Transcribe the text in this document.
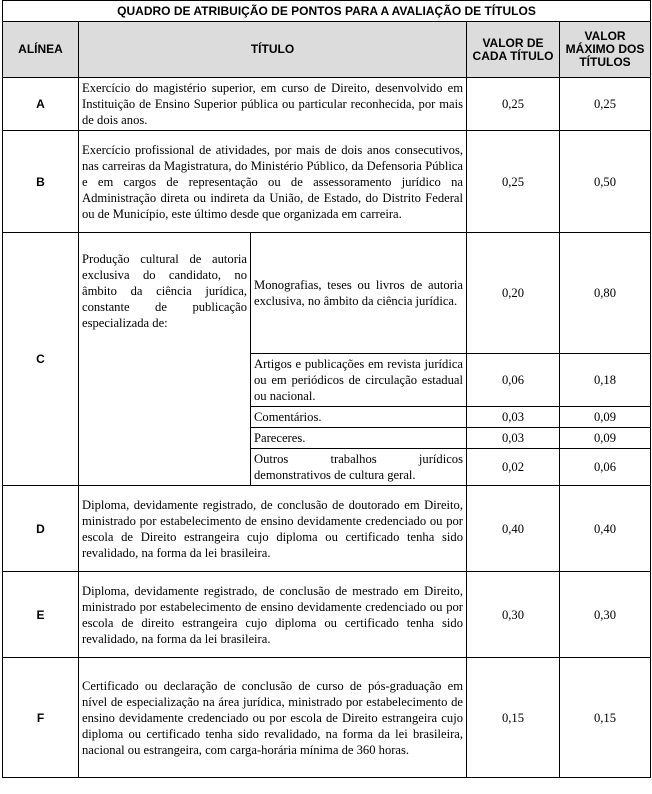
QUADRO DE ATRIBUIÇÃO DE PONTOS PARA A AVALIAÇÃO DE TÍTULOS				
ALÍNEA	TÍTULO		VALOR DE CADA TÍTULO	VALOR MÁXIMO DOS TÍTULOS
A	Exercício do magistério superior, em curso de Direito, desenvolvido em Instituição de Ensino Superior pública ou particular reconhecida, por mais de dois anos.		0,25	0,25
B	Exercício profissional de atividades, por mais de dois anos consecutivos, nas carreiras da Magistratura, do Ministério Público, da Defensoria Pública e em cargos de representação ou de assessoramento jurídico na Administração direta ou indireta da União, de Estado, do Distrito Federal ou de Município, este último desde que organizada em carreira.		0,25	0,50
C	Produção cultural de autoria exclusiva do candidato, no âmbito da ciência jurídica, constante de publicação especializada de:	Monografias, teses ou livros de autoria exclusiva, no âmbito da ciência jurídica.	0,20	0,80
		Artigos e publicações em revista jurídica ou em periódicos de circulação estadual ou nacional.	0,06	0,18
		Comentários.	0,03	0,09
		Pareceres.	0,03	0,09
		Outros trabalhos jurídicos demonstrativos de cultura geral.	0,02	0,06
D	Diploma, devidamente registrado, de conclusão de doutorado em Direito, ministrado por estabelecimento de ensino devidamente credenciado ou por escola de Direito estrangeira cujo diploma ou certificado tenha sido revalidado, na forma da lei brasileira.		0,40	0,40
E	Diploma, devidamente registrado, de conclusão de mestrado em Direito, ministrado por estabelecimento de ensino devidamente credenciado ou por escola de direito estrangeira cujo diploma ou certificado tenha sido revalidado, na forma da lei brasileira.		0,30	0,30
F	Certificado ou declaração de conclusão de curso de pós-graduação em nível de especialização na área jurídica, ministrado por estabelecimento de ensino devidamente credenciado ou por escola de Direito estrangeira cujo diploma ou certificado tenha sido revalidado, na forma da lei brasileira, nacional ou estrangeira, com carga-horária mínima de 360 horas.		0,15	0,15
